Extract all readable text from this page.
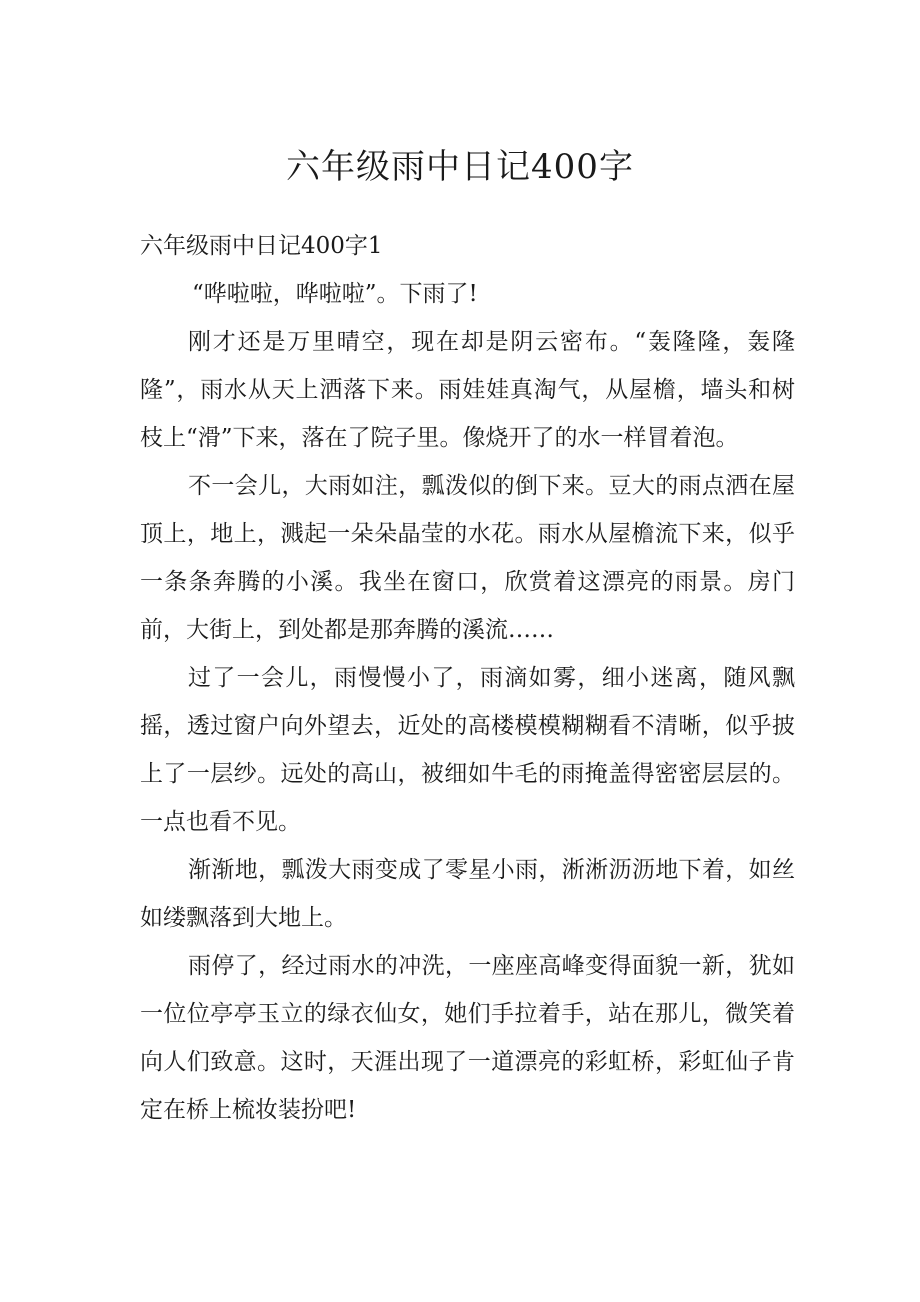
六年级雨中日记400字

六年级雨中日记400字1

“哗啦啦，哗啦啦”。下雨了!

刚才还是万里晴空，现在却是阴云密布。“轰隆隆，轰隆隆”，雨水从天上洒落下来。雨娃娃真淘气，从屋檐，墙头和树枝上“滑”下来，落在了院子里。像烧开了的水一样冒着泡。

不一会儿，大雨如注，瓢泼似的倒下来。豆大的雨点洒在屋顶上，地上，溅起一朵朵晶莹的水花。雨水从屋檐流下来，似乎一条条奔腾的小溪。我坐在窗口，欣赏着这漂亮的雨景。房门前，大街上，到处都是那奔腾的溪流……

过了一会儿，雨慢慢小了，雨滴如雾，细小迷离，随风飘摇，透过窗户向外望去，近处的高楼模模糊糊看不清晰，似乎披上了一层纱。远处的高山，被细如牛毛的雨掩盖得密密层层的。一点也看不见。

渐渐地，瓢泼大雨变成了零星小雨，淅淅沥沥地下着，如丝如缕飘落到大地上。

雨停了，经过雨水的冲洗，一座座高峰变得面貌一新，犹如一位位亭亭玉立的绿衣仙女，她们手拉着手，站在那儿，微笑着向人们致意。这时，天涯出现了一道漂亮的彩虹桥，彩虹仙子肯定在桥上梳妆装扮吧!
